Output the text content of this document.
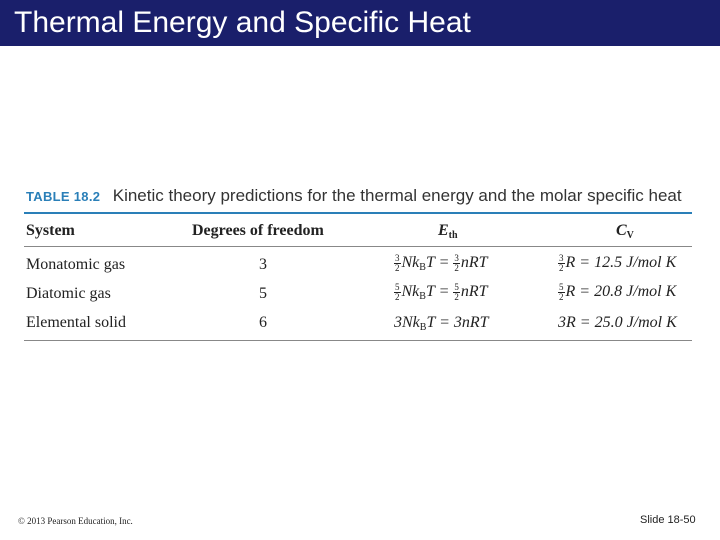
Thermal Energy and Specific Heat
TABLE 18.2 Kinetic theory predictions for the thermal energy and the molar specific heat
System	Degrees of freedom	$E_{th}$	$C_V$
Monatomic gas	3	$\frac{3}{2} Nk_BT = \frac{3}{2}$ nRT	$\frac{3}{2}$ R = 12.5 J/mol K
Diatomic gas	5	$\frac{5}{2} Nk_BT = \frac{5}{2}$ nRT	$\frac{5}{2}$ R = 20.8 J/mol K
Elemental solid	6	$3Nk_BT = 3nRT$	3R = 25.0 J/mol K
© 2013 Pearson Education, Inc.	Slide 18-50
